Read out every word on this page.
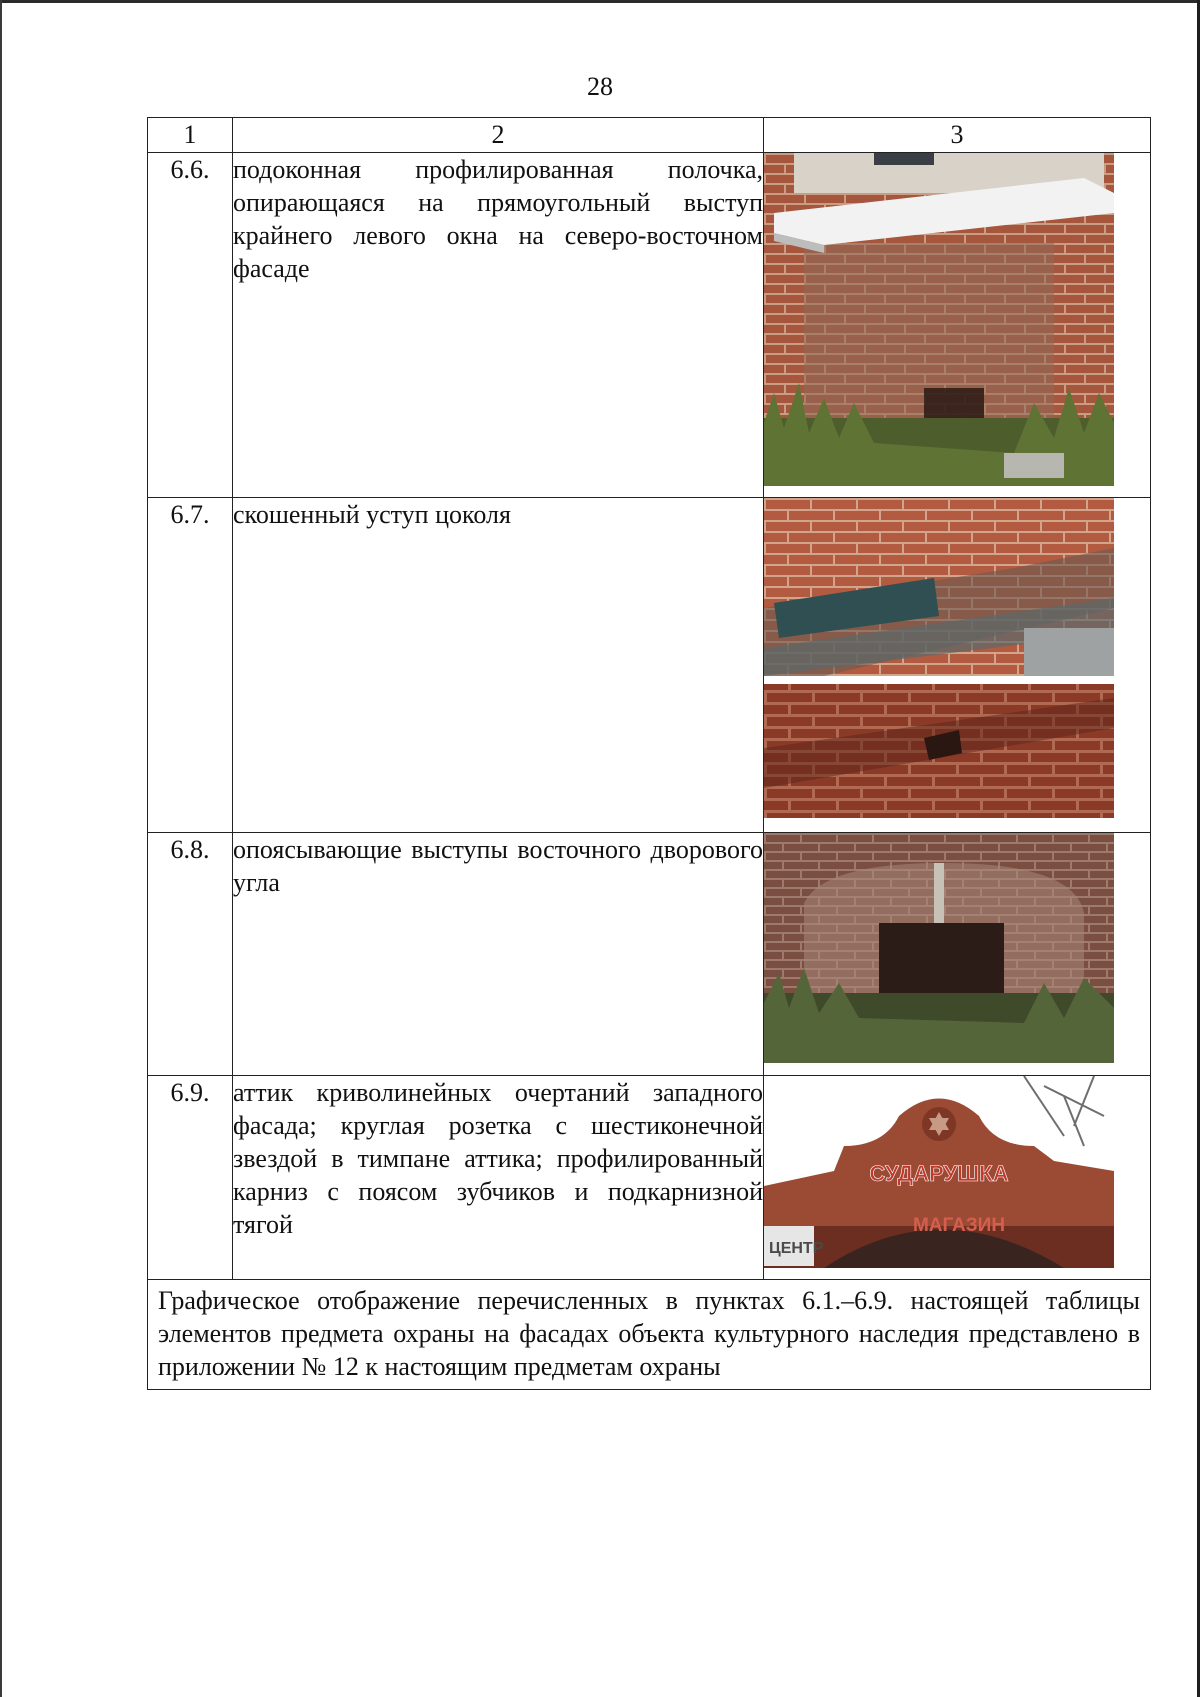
28
1	2	3
6.6.	подоконная профилированная полочка, опирающаяся на прямоугольный выступ крайнего левого окна на северо-восточном фасаде	

6.7.	скошенный уступ цоколя	

6.8.	опоясывающие выступы восточного дворового угла	

6.9.	аттик криволинейных очертаний западного фасада; круглая розетка с шестиконечной звездой в тимпане аттика; профилированный карниз с поясом зубчиков и подкарнизной тягой	ЦЕНТР
СУДАРУШКА
МАГАЗИН

Графическое отображение перечисленных в пунктах 6.1.–6.9. настоящей таблицы элементов предмета охраны на фасадах объекта культурного наследия представлено в приложении № 12 к настоящим предметам охраны		
